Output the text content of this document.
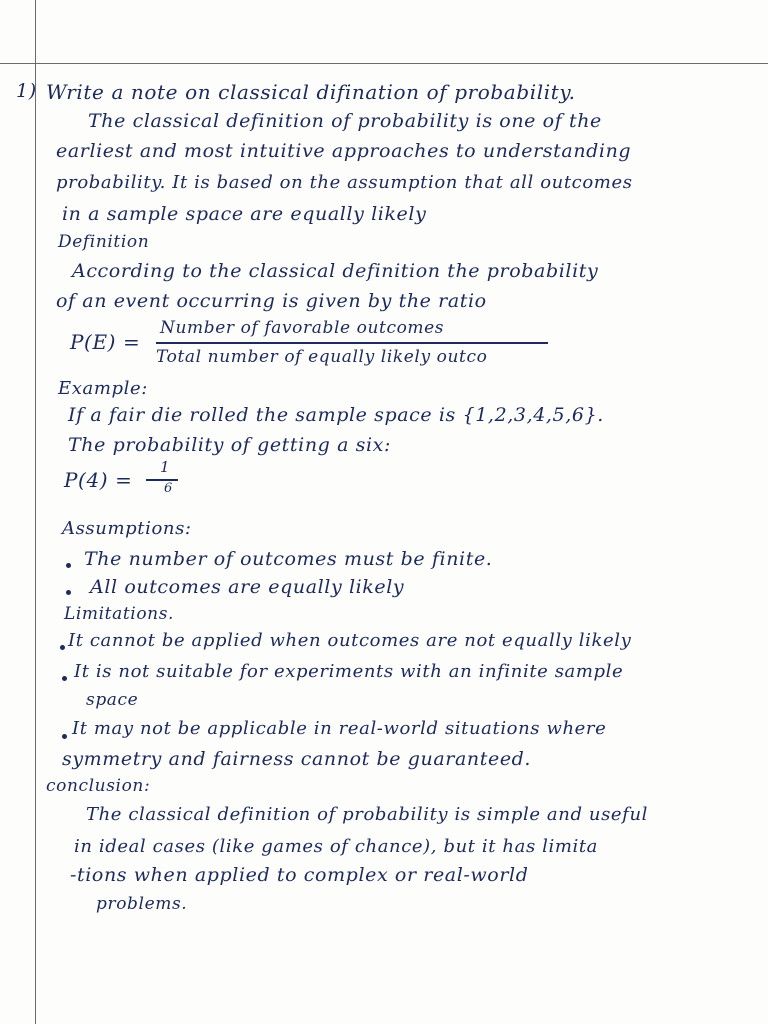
1) Write a note on classical difination of probability.
The classical definition of probability is one of the
earliest and most intuitive approaches to understanding
probability. It is based on the assumption that all outcomes
in a sample space are equally likely
Definition
According to the classical definition the probability
of an event occurring is given by the ratio
P(E) =
Number of favorable outcomes
Total number of equally likely outco
Example:
If a fair die rolled the sample space is {1,2,3,4,5,6}.
The probability of getting a six:
P(4) =
1
6
Assumptions:
The number of outcomes must be finite.
All outcomes are equally likely
Limitations.
It cannot be applied when outcomes are not equally likely
It is not suitable for experiments with an infinite sample
space
It may not be applicable in real-world situations where
symmetry and fairness cannot be guaranteed.
conclusion:
The classical definition of probability is simple and useful
in ideal cases (like games of chance), but it has limita
-tions when applied to complex or real-world
problems.
